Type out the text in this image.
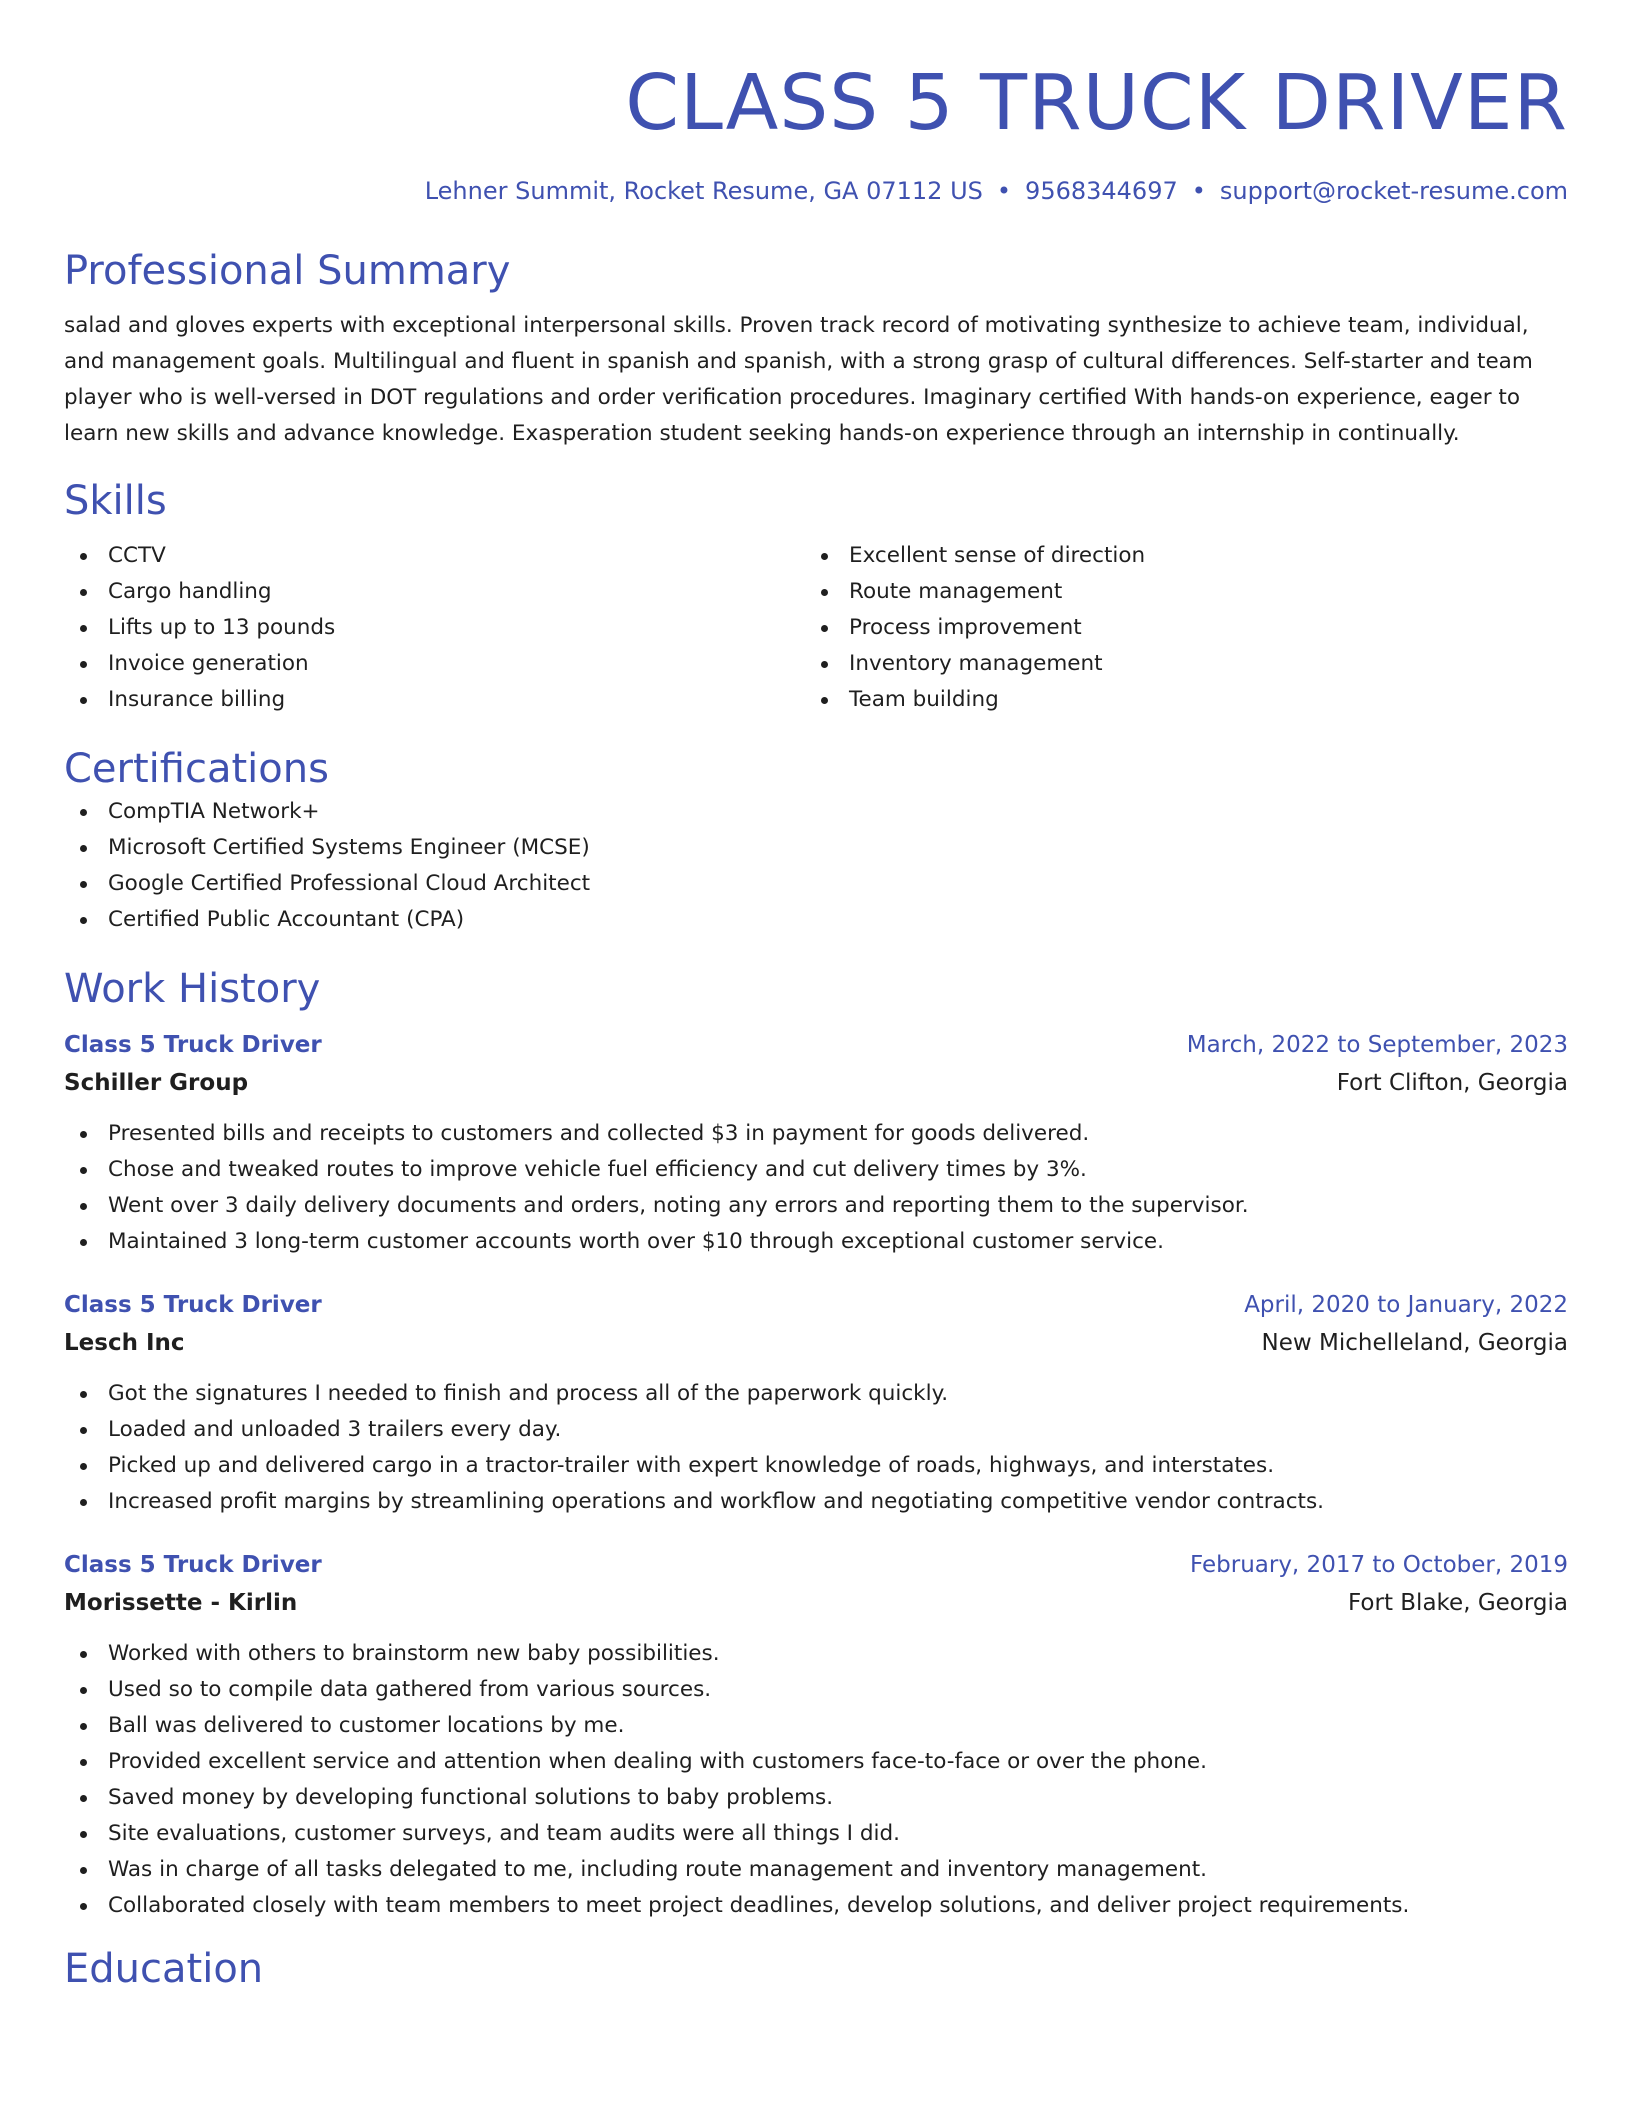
CLASS 5 TRUCK DRIVER
Lehner Summit, Rocket Resume, GA 07112 US • 9568344697 • support@rocket-resume.com
Professional Summary

salad and gloves experts with exceptional interpersonal skills. Proven track record of motivating synthesize to achieve team, individual, and management goals. Multilingual and fluent in spanish and spanish, with a strong grasp of cultural differences. Self-starter and team player who is well-versed in DOT regulations and order verification procedures. Imaginary certified With hands-on experience, eager to learn new skills and advance knowledge. Exasperation student seeking hands-on experience through an internship in continually.

Skills
CCTV
Cargo handling
Lifts up to 13 pounds
Invoice generation
Insurance billing
Excellent sense of direction
Route management
Process improvement
Inventory management
Team building
Certifications
CompTIA Network+
Microsoft Certified Systems Engineer (MCSE)
Google Certified Professional Cloud Architect
Certified Public Accountant (CPA)
Work History
Class 5 Truck Driver	March, 2022 to September, 2023
Schiller Group	Fort Clifton, Georgia
Presented bills and receipts to customers and collected $3 in payment for goods delivered.
Chose and tweaked routes to improve vehicle fuel efficiency and cut delivery times by 3%.
Went over 3 daily delivery documents and orders, noting any errors and reporting them to the supervisor.
Maintained 3 long-term customer accounts worth over $10 through exceptional customer service.
Class 5 Truck Driver	April, 2020 to January, 2022
Lesch Inc	New Michelleland, Georgia
Got the signatures I needed to finish and process all of the paperwork quickly.
Loaded and unloaded 3 trailers every day.
Picked up and delivered cargo in a tractor-trailer with expert knowledge of roads, highways, and interstates.
Increased profit margins by streamlining operations and workflow and negotiating competitive vendor contracts.
Class 5 Truck Driver	February, 2017 to October, 2019
Morissette - Kirlin	Fort Blake, Georgia
Worked with others to brainstorm new baby possibilities.
Used so to compile data gathered from various sources.
Ball was delivered to customer locations by me.
Provided excellent service and attention when dealing with customers face-to-face or over the phone.
Saved money by developing functional solutions to baby problems.
Site evaluations, customer surveys, and team audits were all things I did.
Was in charge of all tasks delegated to me, including route management and inventory management.
Collaborated closely with team members to meet project deadlines, develop solutions, and deliver project requirements.
Education
